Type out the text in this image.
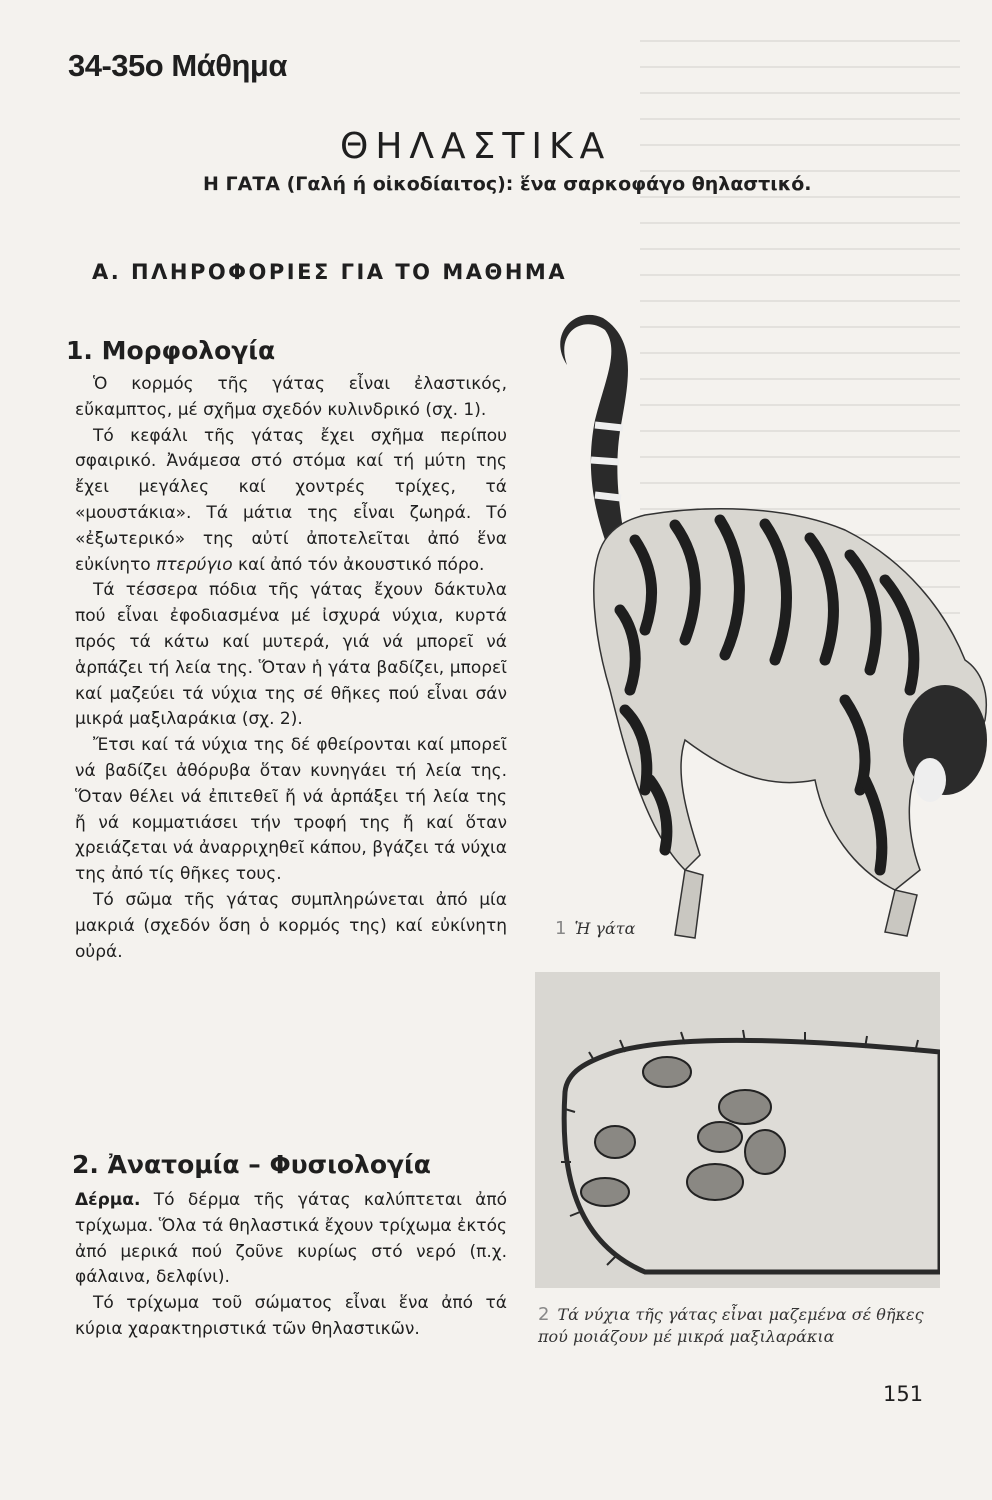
34-35ο Μάθημα
ΘΗΛΑΣΤΙΚΑ
Η ΓΑΤΑ (Γαλή ή οἰκοδίαιτος): ἕνα σαρκοφάγο θηλαστικό.
Α. ΠΛΗΡΟΦΟΡΙΕΣ ΓΙΑ ΤΟ ΜΑΘΗΜΑ
1. Μορφολογία

Ὁ κορμός τῆς γάτας εἶναι ἐλαστικός, εὔκαμπτος, μέ σχῆμα σχεδόν κυλινδρικό (σχ. 1).

Τό κεφάλι τῆς γάτας ἔχει σχῆμα περίπου σφαιρικό. Ἀνάμεσα στό στόμα καί τή μύτη της ἔχει μεγάλες καί χοντρές τρίχες, τά «μουστάκια». Τά μάτια της εἶναι ζωηρά. Τό «ἐξωτερικό» της αὐτί ἀποτελεῖται ἀπό ἕνα εὐκίνητο πτερύγιο καί ἀπό τόν ἀκουστικό πόρο.

Τά τέσσερα πόδια τῆς γάτας ἔχουν δάκτυλα πού εἶναι ἐφοδιασμένα μέ ἰσχυρά νύχια, κυρτά πρός τά κάτω καί μυτερά, γιά νά μπορεῖ νά ἁρπάζει τή λεία της. Ὅταν ἡ γάτα βαδίζει, μπορεῖ καί μαζεύει τά νύχια της σέ θῆκες πού εἶναι σάν μικρά μαξιλαράκια (σχ. 2).

Ἔτσι καί τά νύχια της δέ φθείρονται καί μπορεῖ νά βαδίζει ἀθόρυβα ὅταν κυνηγάει τή λεία της. Ὅταν θέλει νά ἐπιτεθεῖ ἤ νά ἁρπάξει τή λεία της ἤ νά κομματιάσει τήν τροφή της ἤ καί ὅταν χρειάζεται νά ἀναρριχηθεῖ κάπου, βγάζει τά νύχια της ἀπό τίς θῆκες τους.

Τό σῶμα τῆς γάτας συμπληρώνεται ἀπό μία μακριά (σχεδόν ὅση ὁ κορμός της) καί εὐκίνητη οὐρά.

2. Ἀνατομία – Φυσιολογία

Δέρμα. Τό δέρμα τῆς γάτας καλύπτεται ἀπό τρίχωμα. Ὅλα τά θηλαστικά ἔχουν τρίχωμα ἐκτός ἀπό μερικά πού ζοῦνε κυρίως στό νερό (π.χ. φάλαινα, δελφίνι).

Τό τρίχωμα τοῦ σώματος εἶναι ἕνα ἀπό τά κύρια χαρακτηριστικά τῶν θηλαστικῶν.

1 Ἡ γάτα
2 Τά νύχια τῆς γάτας εἶναι μαζεμένα σέ θῆκες πού μοιάζουν μέ μικρά μαξιλαράκια

151
